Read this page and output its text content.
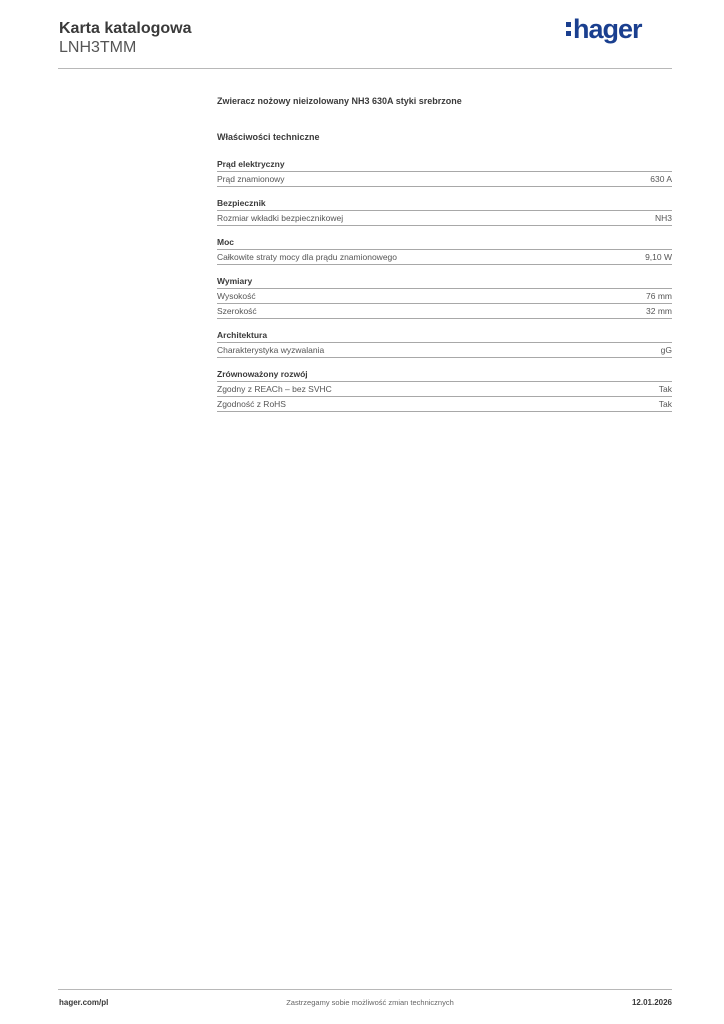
Karta katalogowa
LNH3TMM
hager

Zwieracz nożowy nieizolowany NH3 630A styki srebrzone

Właściwości techniczne

Prąd elektryczny
Prąd znamionowy	630 A
Bezpiecznik
Rozmiar wkładki bezpiecznikowej	NH3
Moc
Całkowite straty mocy dla prądu znamionowego	9,10 W
Wymiary
Wysokość	76 mm
Szerokość	32 mm
Architektura
Charakterystyka wyzwalania	gG
Zrównoważony rozwój
Zgodny z REACh – bez SVHC	Tak
Zgodność z RoHS	Tak
hager.com/pl	Zastrzegamy sobie możliwość zmian technicznych	12.01.2026
